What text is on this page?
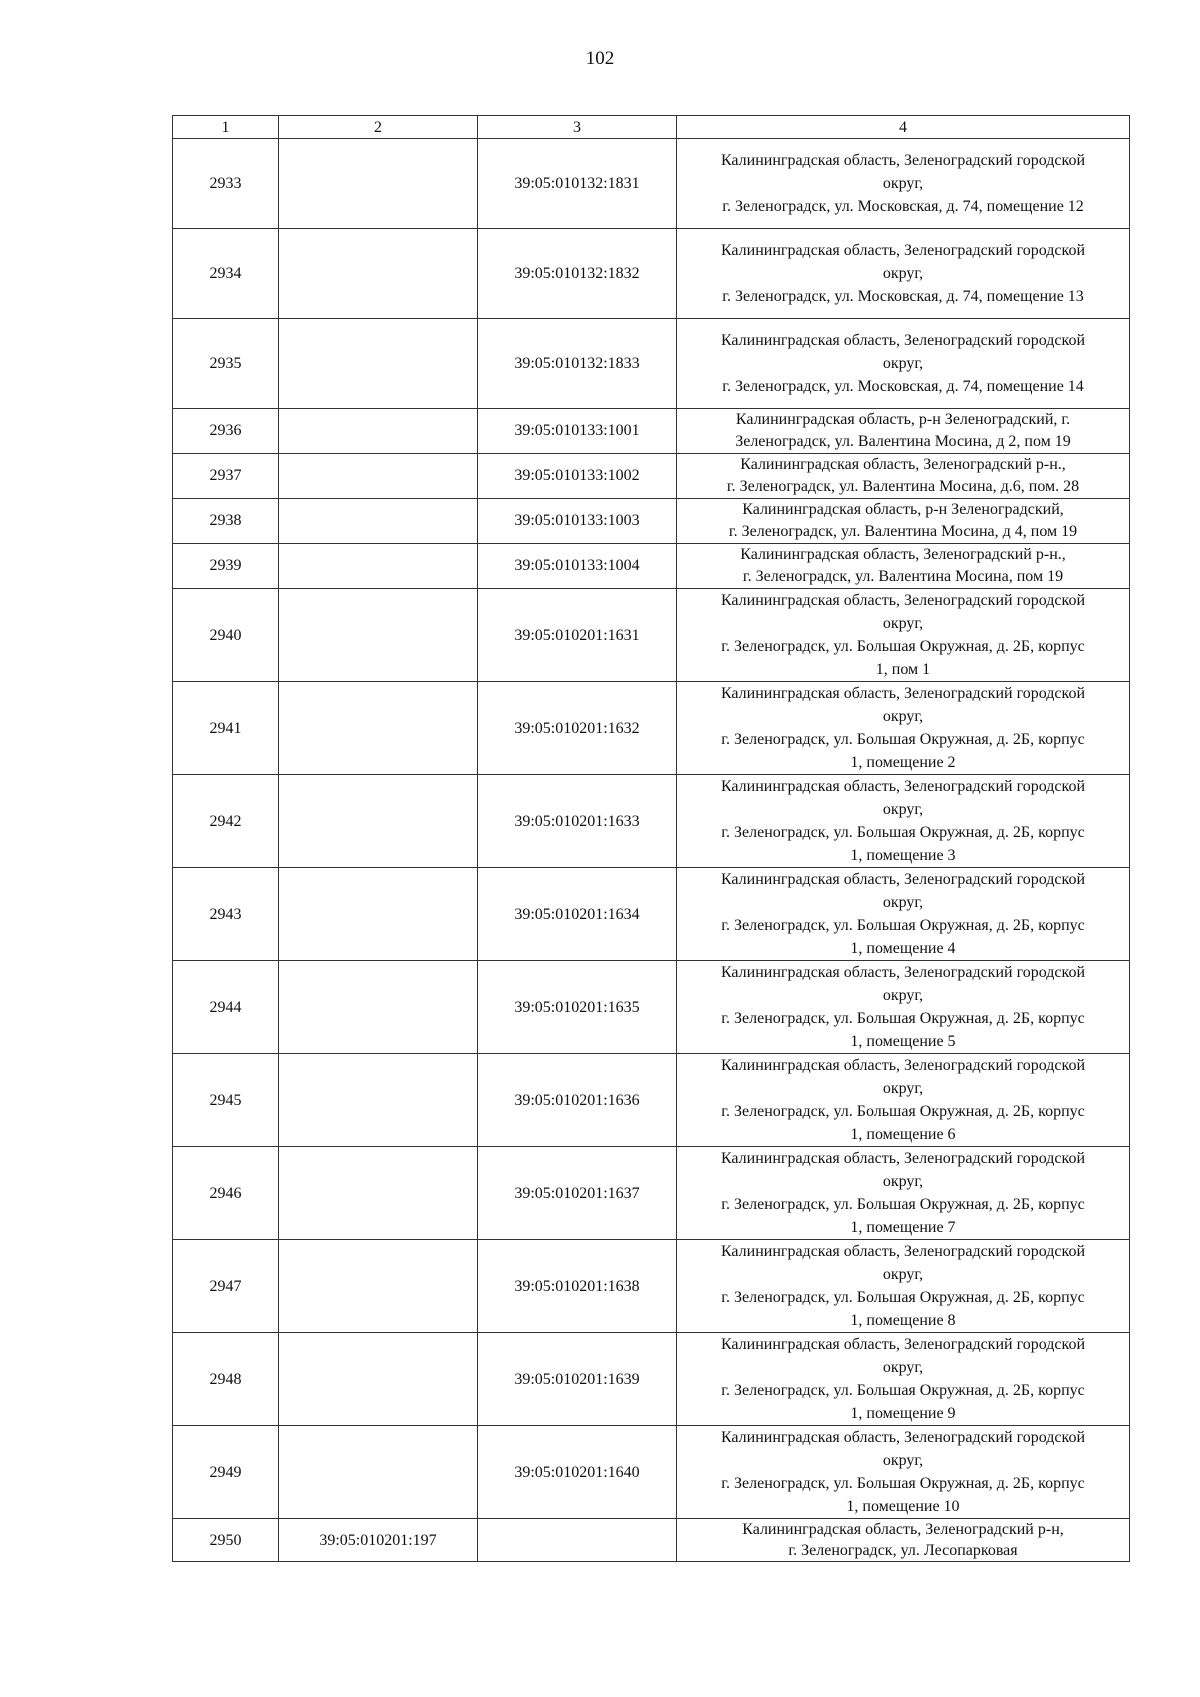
102
1	2	3	4
2933		39:05:010132:1831	Калининградская область, Зеленоградский городской
округ,
г. Зеленоградск, ул. Московская, д. 74, помещение 12

2934		39:05:010132:1832	Калининградская область, Зеленоградский городской
округ,
г. Зеленоградск, ул. Московская, д. 74, помещение 13

2935		39:05:010132:1833	Калининградская область, Зеленоградский городской
округ,
г. Зеленоградск, ул. Московская, д. 74, помещение 14

2936		39:05:010133:1001	Калининградская область, р-н Зеленоградский, г.
Зеленоградск, ул. Валентина Мосина, д 2, пом 19

2937		39:05:010133:1002	Калининградская область, Зеленоградский р-н.,
г. Зеленоградск, ул. Валентина Мосина, д.6, пом. 28

2938		39:05:010133:1003	Калининградская область, р-н Зеленоградский,
г. Зеленоградск, ул. Валентина Мосина, д 4, пом 19

2939		39:05:010133:1004	Калининградская область, Зеленоградский р-н.,
г. Зеленоградск, ул. Валентина Мосина, пом 19

2940		39:05:010201:1631	Калининградская область, Зеленоградский городской
округ,
г. Зеленоградск, ул. Большая Окружная, д. 2Б, корпус
1, пом 1

2941		39:05:010201:1632	Калининградская область, Зеленоградский городской
округ,
г. Зеленоградск, ул. Большая Окружная, д. 2Б, корпус
1, помещение 2

2942		39:05:010201:1633	Калининградская область, Зеленоградский городской
округ,
г. Зеленоградск, ул. Большая Окружная, д. 2Б, корпус
1, помещение 3

2943		39:05:010201:1634	Калининградская область, Зеленоградский городской
округ,
г. Зеленоградск, ул. Большая Окружная, д. 2Б, корпус
1, помещение 4

2944		39:05:010201:1635	Калининградская область, Зеленоградский городской
округ,
г. Зеленоградск, ул. Большая Окружная, д. 2Б, корпус
1, помещение 5

2945		39:05:010201:1636	Калининградская область, Зеленоградский городской
округ,
г. Зеленоградск, ул. Большая Окружная, д. 2Б, корпус
1, помещение 6

2946		39:05:010201:1637	Калининградская область, Зеленоградский городской
округ,
г. Зеленоградск, ул. Большая Окружная, д. 2Б, корпус
1, помещение 7

2947		39:05:010201:1638	Калининградская область, Зеленоградский городской
округ,
г. Зеленоградск, ул. Большая Окружная, д. 2Б, корпус
1, помещение 8

2948		39:05:010201:1639	Калининградская область, Зеленоградский городской
округ,
г. Зеленоградск, ул. Большая Окружная, д. 2Б, корпус
1, помещение 9

2949		39:05:010201:1640	Калининградская область, Зеленоградский городской
округ,
г. Зеленоградск, ул. Большая Окружная, д. 2Б, корпус
1, помещение 10

2950	39:05:010201:197		Калининградская область, Зеленоградский р-н,
г. Зеленоградск, ул. Лесопарковая
